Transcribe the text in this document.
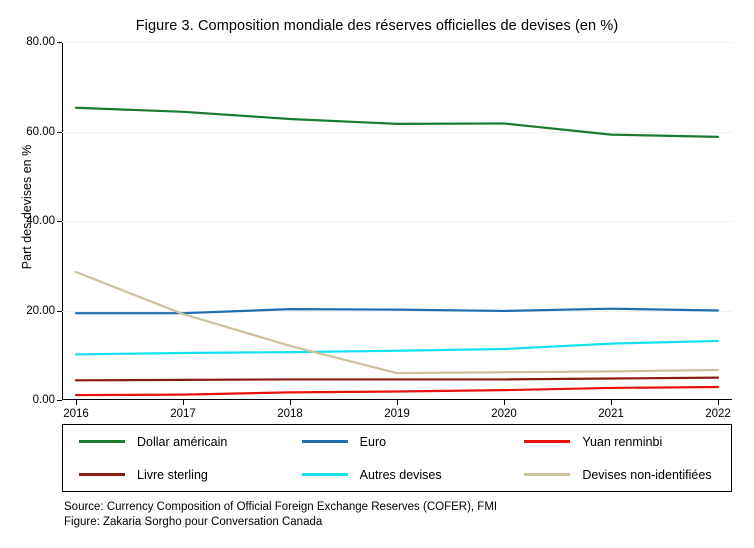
Figure 3. Composition mondiale des réserves officielles de devises (en %)
Part des devises en %
0.00
20.00
40.00
60.00
80.00
2016	2017	2018	2019	2020	2021	2022
Dollar américain	Euro	Yuan renminbi
Livre sterling	Autres devises	Devises non-identifiées
Source: Currency Composition of Official Foreign Exchange Reserves (COFER), FMI
Figure: Zakaria Sorgho pour Conversation Canada
